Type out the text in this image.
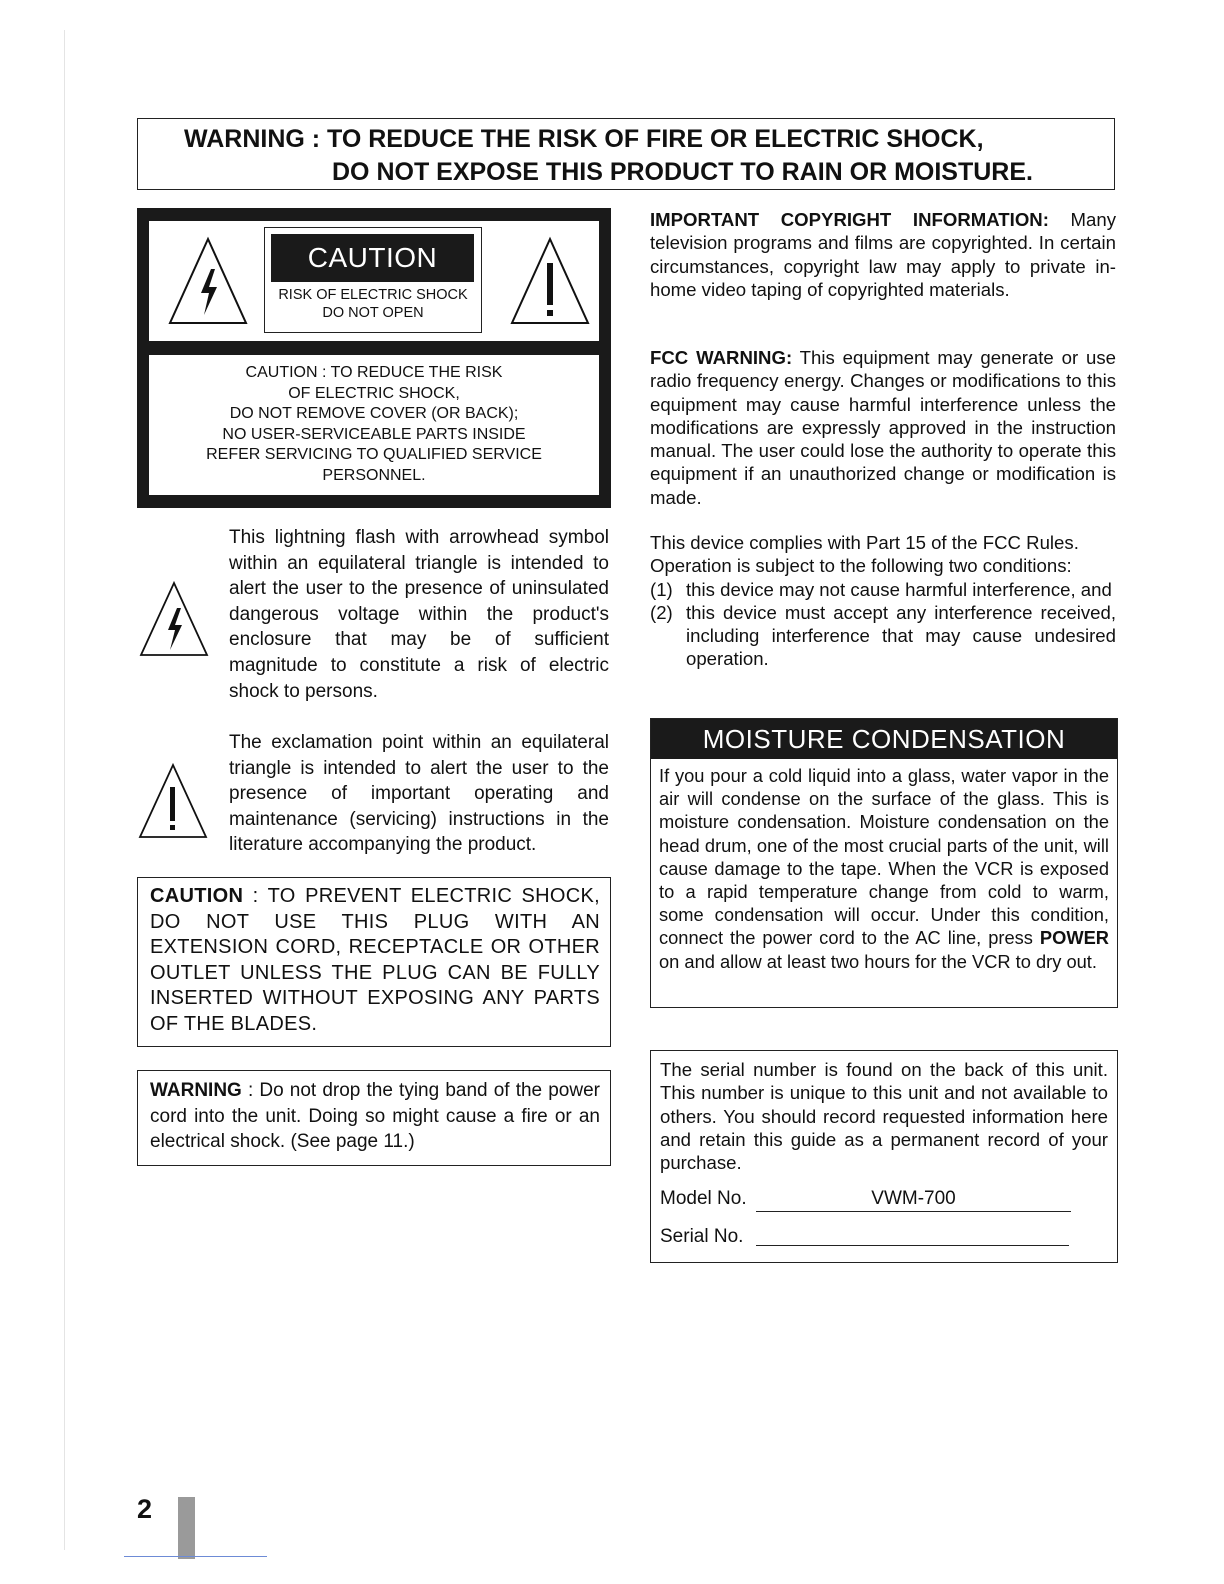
WARNING : TO REDUCE THE RISK OF FIRE OR ELECTRIC SHOCK,
DO NOT EXPOSE THIS PRODUCT TO RAIN OR MOISTURE.
CAUTION
RISK OF ELECTRIC SHOCK
DO NOT OPEN
CAUTION : TO REDUCE THE RISK
OF ELECTRIC SHOCK,
DO NOT REMOVE COVER (OR BACK);
NO USER-SERVICEABLE PARTS INSIDE
REFER SERVICING TO QUALIFIED SERVICE
PERSONNEL.
This lightning flash with arrowhead symbol within an equilateral triangle is intended to alert the user to the presence of uninsulated dangerous voltage within the product's enclosure that may be of sufficient magnitude to constitute a risk of electric shock to persons.
The exclamation point within an equilateral triangle is intended to alert the user to the presence of important operating and maintenance (servicing) instructions in the literature accompanying the product.
CAUTION : TO PREVENT ELECTRIC SHOCK, DO NOT USE THIS PLUG WITH AN EXTENSION CORD, RECEPTACLE OR OTHER OUTLET UNLESS THE PLUG CAN BE FULLY INSERTED WITHOUT EXPOSING ANY PARTS OF THE BLADES.
WARNING : Do not drop the tying band of the power cord into the unit. Doing so might cause a fire or an electrical shock. (See page 11.)
IMPORTANT COPYRIGHT INFORMATION: Many television programs and films are copyrighted. In certain circumstances, copyright law may apply to private in-home video taping of copyrighted materials.
FCC WARNING: This equipment may generate or use radio frequency energy. Changes or modifications to this equipment may cause harmful interference unless the modifications are expressly approved in the instruction manual. The user could lose the authority to operate this equipment if an unauthorized change or modification is made.
This device complies with Part 15 of the FCC Rules. Operation is subject to the following two conditions:
(1) this device may not cause harmful interference, and
(2) this device must accept any interference received, including interference that may cause undesired operation.
MOISTURE CONDENSATION
If you pour a cold liquid into a glass, water vapor in the air will condense on the surface of the glass. This is moisture condensation. Moisture condensation on the head drum, one of the most crucial parts of the unit, will cause damage to the tape. When the VCR is exposed to a rapid temperature change from cold to warm, some condensation will occur. Under this condition, connect the power cord to the AC line, press POWER on and allow at least two hours for the VCR to dry out.
The serial number is found on the back of this unit. This number is unique to this unit and not available to others. You should record requested information here and retain this guide as a permanent record of your purchase.
Model No.	VWM-700
Serial No.
2
